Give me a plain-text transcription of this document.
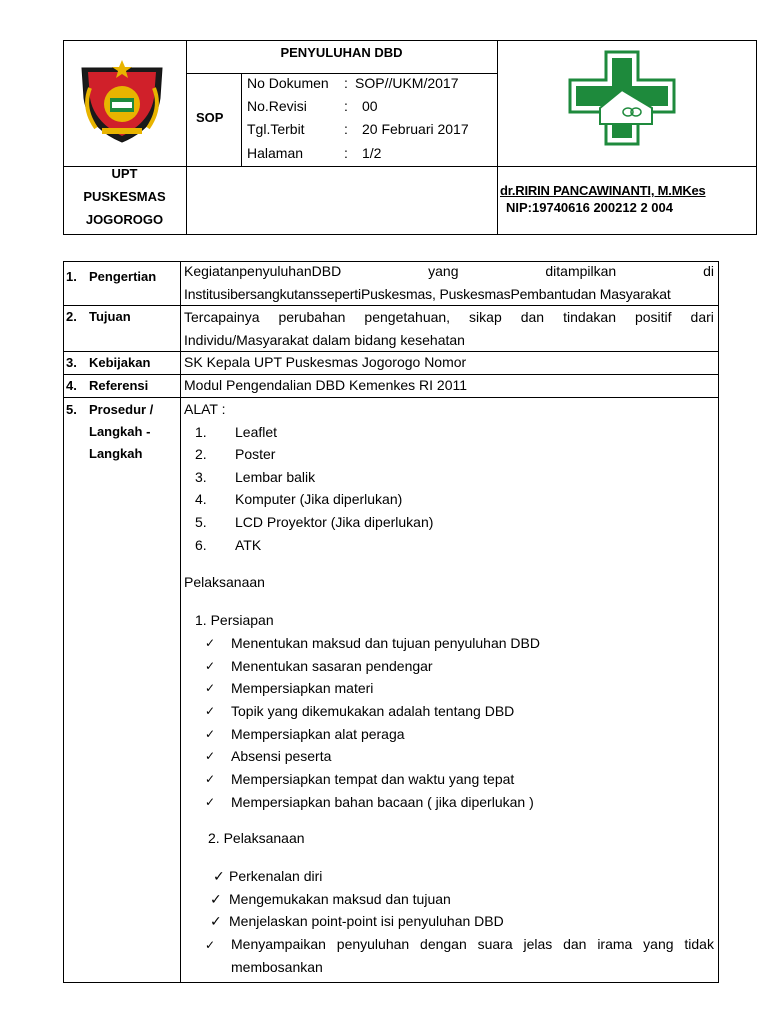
PENYULUHAN DBD
SOP
No Dokumen : SOP//UKM/2017
No.Revisi	: 00
Tgl.Terbit	: 20 Februari 2017
Halaman	: 1/2
UPT
PUSKESMAS
JOGOROGO
dr.RIRIN PANCAWINANTI, M.MKes
NIP:19740616 200212 2 004
1. Pengertian KegiatanpenyuluhanDBD	yang	ditampilkan	di
InstitusibersangkutanssepertiPuskesmas, PuskesmasPembantudan Masyarakat
2. Tujuan	Tercapainya perubahan pengetahuan, sikap dan tindakan positif dari
Individu/Masyarakat dalam bidang kesehatan
3. Kebijakan SK Kepala UPT Puskesmas Jogorogo Nomor
4. Referensi	Modul Pengendalian DBD Kemenkes RI 2011
5. Prosedur /
Langkah -
Langkah
ALAT :
1. Leaflet
2. Poster
3. Lembar balik
4. Komputer (Jika diperlukan)
5. LCD Proyektor (Jika diperlukan)
6. ATK
Pelaksanaan
1. Persiapan
✓ Menentukan maksud dan tujuan penyuluhan DBD
✓ Menentukan sasaran pendengar
✓ Mempersiapkan materi
✓ Topik yang dikemukakan adalah tentang DBD
✓ Mempersiapkan alat peraga
✓ Absensi peserta
✓ Mempersiapkan tempat dan waktu yang tepat
✓ Mempersiapkan bahan bacaan ( jika diperlukan )
2. Pelaksanaan
✓ Perkenalan diri
✓ Mengemukakan maksud dan tujuan
✓ Menjelaskan point-point isi penyuluhan DBD
✓ Menyampaikan penyuluhan dengan suara jelas dan irama yang tidak
membosankan
